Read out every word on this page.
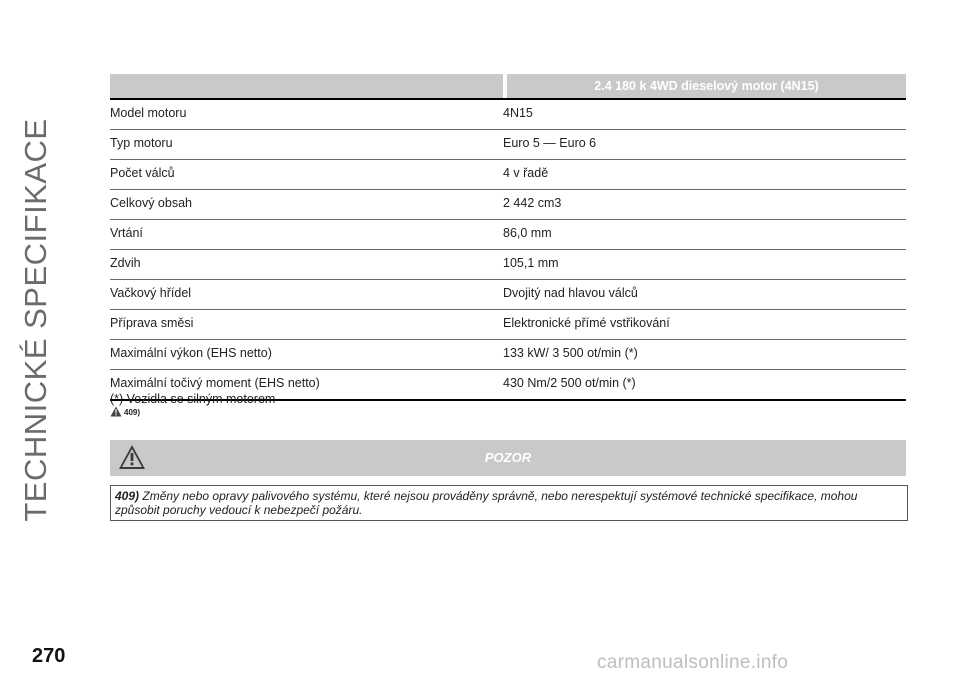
TECHNICKÉ SPECIFIKACE
2.4 180 k 4WD dieselový motor (4N15)
Model motoru	4N15
Typ motoru	Euro 5 — Euro 6
Počet válců	4 v řadě
Celkový obsah	2 442 cm3
Vrtání	86,0 mm
Zdvih	105,1 mm
Vačkový hřídel	Dvojitý nad hlavou válců
Příprava směsi	Elektronické přímé vstřikování
Maximální výkon (EHS netto)	133 kW/ 3 500 ot/min (*)
Maximální točivý moment (EHS netto)	430 Nm/2 500 ot/min (*)
(*) Vozidla se silným motorem
409)
POZOR
409) Změny nebo opravy palivového systému, které nejsou prováděny správně, nebo nerespektují systémové technické specifikace, mohou
způsobit poruchy vedoucí k nebezpečí požáru.
270	carmanualsonline.info
